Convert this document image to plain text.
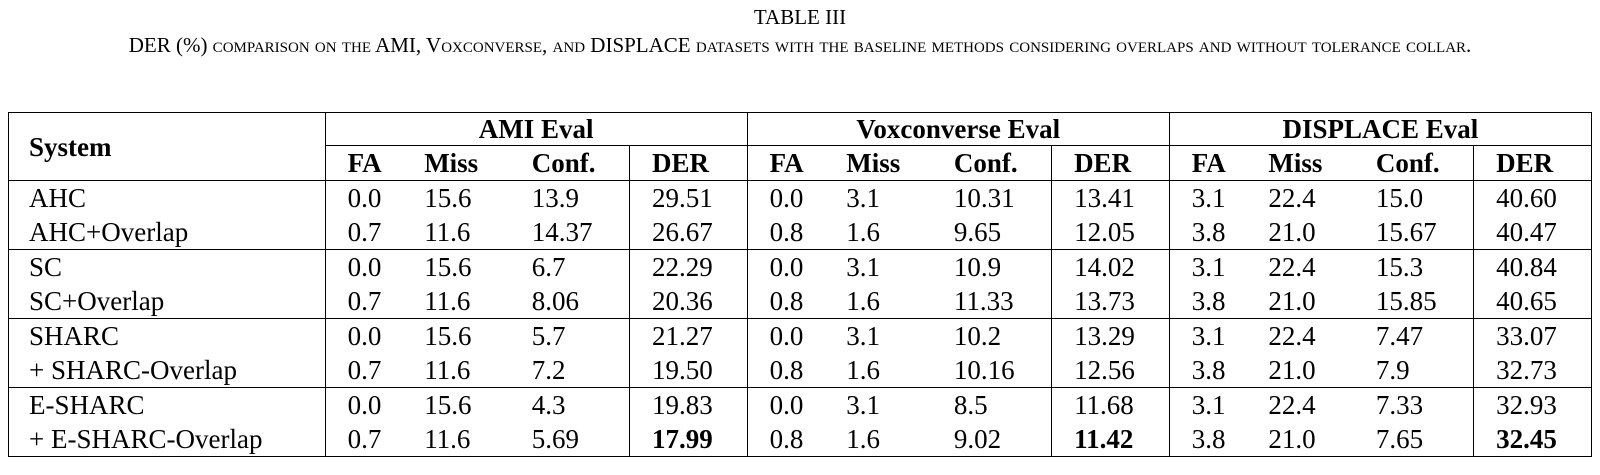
TABLE III
DER (%) comparison on the AMI, Voxconverse, and DISPLACE datasets with the baseline methods considering overlaps and without tolerance collar.
System	AMI Eval				Voxconverse Eval				DISPLACE Eval			
	FA	Miss	Conf.	DER	FA	Miss	Conf.	DER	FA	Miss	Conf.	DER
AHC	0.0	15.6	13.9	29.51	0.0	3.1	10.31	13.41	3.1	22.4	15.0	40.60
AHC+Overlap	0.7	11.6	14.37	26.67	0.8	1.6	9.65	12.05	3.8	21.0	15.67	40.47
SC	0.0	15.6	6.7	22.29	0.0	3.1	10.9	14.02	3.1	22.4	15.3	40.84
SC+Overlap	0.7	11.6	8.06	20.36	0.8	1.6	11.33	13.73	3.8	21.0	15.85	40.65
SHARC	0.0	15.6	5.7	21.27	0.0	3.1	10.2	13.29	3.1	22.4	7.47	33.07
+ SHARC-Overlap	0.7	11.6	7.2	19.50	0.8	1.6	10.16	12.56	3.8	21.0	7.9	32.73
E-SHARC	0.0	15.6	4.3	19.83	0.0	3.1	8.5	11.68	3.1	22.4	7.33	32.93
+ E-SHARC-Overlap	0.7	11.6	5.69	17.99	0.8	1.6	9.02	11.42	3.8	21.0	7.65	32.45
